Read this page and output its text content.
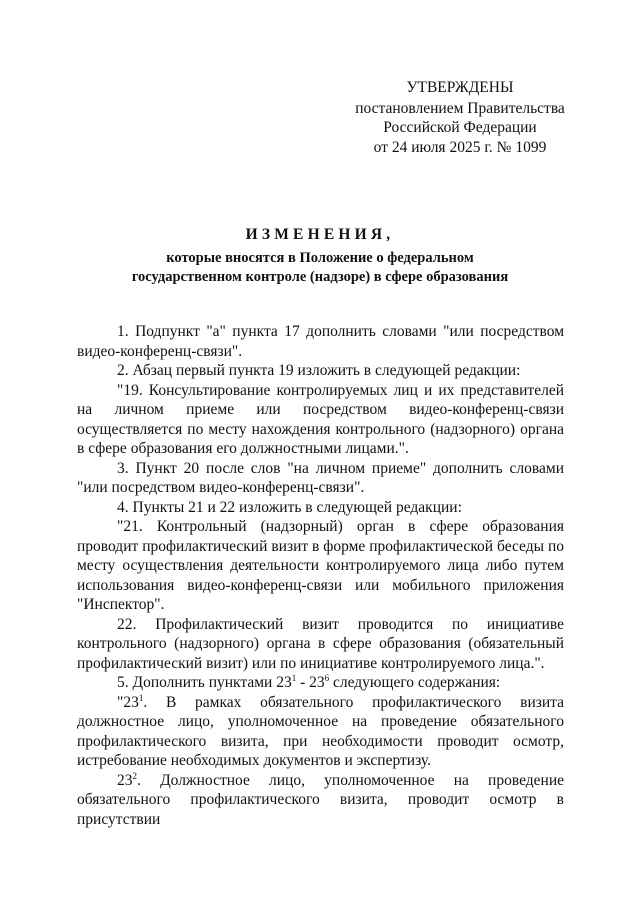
УТВЕРЖДЕНЫ
постановлением Правительства
Российской Федерации
от 24 июля 2025 г. № 1099
ИЗМЕНЕНИЯ,
которые вносятся в Положение о федеральном
государственном контроле (надзоре) в сфере образования

1. Подпункт "а" пункта 17 дополнить словами "или посредством видео-конференц-связи".

2. Абзац первый пункта 19 изложить в следующей редакции:

"19. Консультирование контролируемых лиц и их представителей на личном приеме или посредством видео-конференц-связи

осуществляется по месту нахождения контрольного (надзорного) органа в сфере образования его должностными лицами.".

3. Пункт 20 после слов "на личном приеме" дополнить словами "или посредством видео-конференц-связи".

4. Пункты 21 и 22 изложить в следующей редакции:

"21. Контрольный (надзорный) орган в сфере образования проводит профилактический визит в форме профилактической беседы по месту осуществления деятельности контролируемого лица либо путем использования видео-конференц-связи или мобильного приложения "Инспектор".

22. Профилактический визит проводится по инициативе контрольного (надзорного) органа в сфере образования (обязательный профилактический визит) или по инициативе контролируемого лица.".

5. Дополнить пунктами $23^1 - 23^6$ следующего содержания:

"$23^1$. В рамках обязательного профилактического визита должностное лицо, уполномоченное на проведение обязательного профилактического визита, при необходимости проводит осмотр, истребование необходимых документов и экспертизу.

$23^2$. Должностное лицо, уполномоченное на проведение обязательного профилактического визита, проводит осмотр в присутствии
